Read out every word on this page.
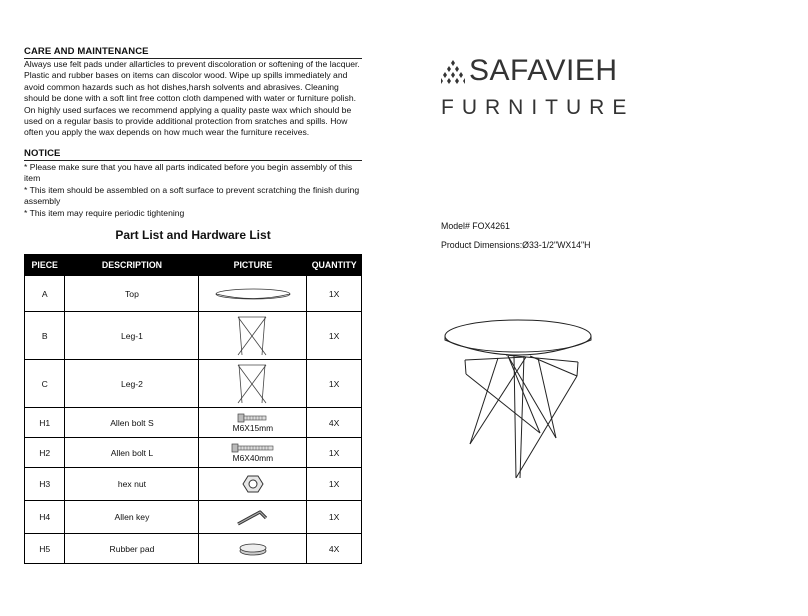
CARE AND MAINTENANCE
Always use felt pads under allarticles to prevent discoloration or softening of the lacquer. Plastic and rubber bases on items can discolor wood. Wipe up spills immediately and avoid common hazards such as hot dishes,harsh solvents and abrasives. Cleaning should be done with a soft lint free cotton cloth dampened with water or furniture polish. On highly used surfaces we recommend applying a quality paste wax which should be used on a regular basis to provide additional protection from sratches and spills. How often you apply the wax depends on how much wear the furniture receives.
NOTICE
* Please make sure that you have all parts indicated before you begin assembly of this item
* This item should be assembled on a soft surface to prevent scratching the finish during assembly
* This item may require periodic tightening
Part List and Hardware List
PIECE	DESCRIPTION	PICTURE	QUANTITY
A	Top		1X
B	Leg-1		1X
C	Leg-2		1X
H1	Allen bolt S	M6X15mm	4X
H2	Allen bolt L	M6X40mm	1X
H3	hex nut		1X
H4	Allen key		1X
H5	Rubber pad		4X
SAFAVIEH
FURNITURE
Model# FOX4261
Product Dimensions:Ø33-1/2"WX14"H
